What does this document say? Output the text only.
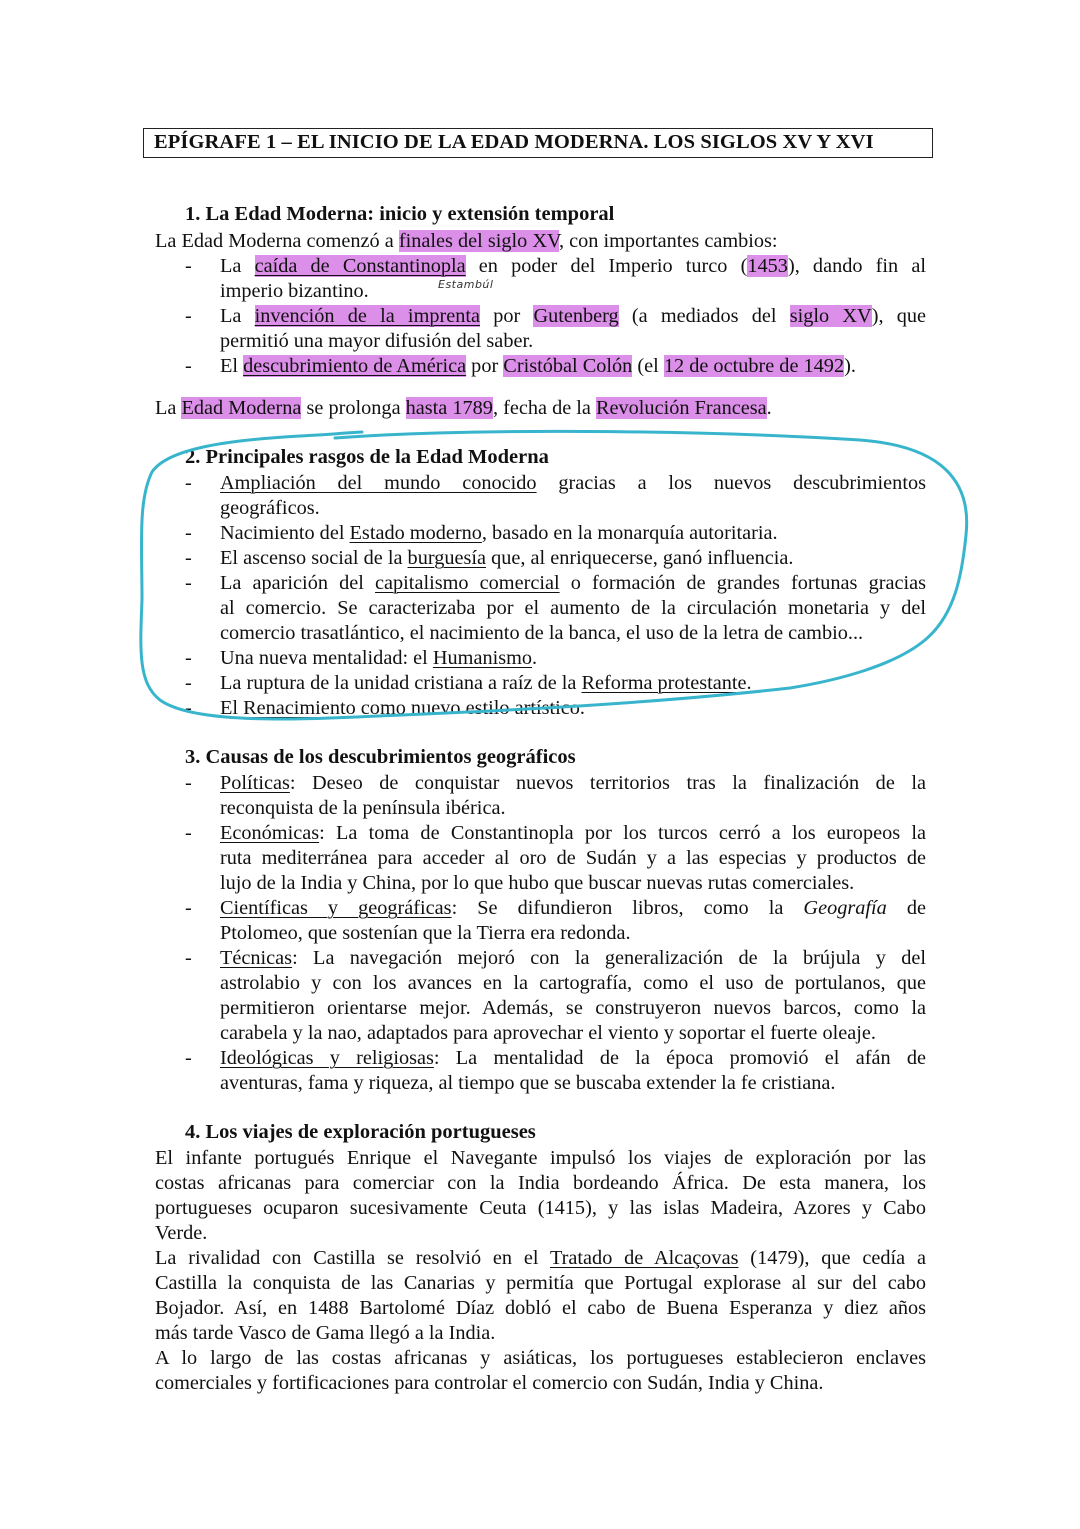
EPÍGRAFE 1 – EL INICIO DE LA EDAD MODERNA. LOS SIGLOS XV Y XVI
1. La Edad Moderna: inicio y extensión temporal
La Edad Moderna comenzó a finales del siglo XV, con importantes cambios:
- La caída de Constantinopla en poder del Imperio turco (1453), dando fin al
imperio bizantino.	Estambúl
- La invención de la imprenta por Gutenberg (a mediados del siglo XV), que
permitió una mayor difusión del saber.
- El descubrimiento de América por Cristóbal Colón (el 12 de octubre de 1492).
La Edad Moderna se prolonga hasta 1789, fecha de la Revolución Francesa.
2. Principales rasgos de la Edad Moderna
- Ampliación del mundo conocido gracias a los nuevos descubrimientos
geográficos.
- Nacimiento del Estado moderno, basado en la monarquía autoritaria.
- El ascenso social de la burguesía que, al enriquecerse, ganó influencia.
- La aparición del capitalismo comercial o formación de grandes fortunas gracias
al comercio. Se caracterizaba por el aumento de la circulación monetaria y del
comercio trasatlántico, el nacimiento de la banca, el uso de la letra de cambio...
- Una nueva mentalidad: el Humanismo.
- La ruptura de la unidad cristiana a raíz de la Reforma protestante.
- El Renacimiento como nuevo estilo artístico.
3. Causas de los descubrimientos geográficos
- Políticas: Deseo de conquistar nuevos territorios tras la finalización de la
reconquista de la península ibérica.
- Económicas: La toma de Constantinopla por los turcos cerró a los europeos la
ruta mediterránea para acceder al oro de Sudán y a las especias y productos de
lujo de la India y China, por lo que hubo que buscar nuevas rutas comerciales.
- Científicas y geográficas: Se difundieron libros, como la Geografía de
Ptolomeo, que sostenían que la Tierra era redonda.
- Técnicas: La navegación mejoró con la generalización de la brújula y del
astrolabio y con los avances en la cartografía, como el uso de portulanos, que
permitieron orientarse mejor. Además, se construyeron nuevos barcos, como la
carabela y la nao, adaptados para aprovechar el viento y soportar el fuerte oleaje.
- Ideológicas y religiosas: La mentalidad de la época promovió el afán de
aventuras, fama y riqueza, al tiempo que se buscaba extender la fe cristiana.
4. Los viajes de exploración portugueses
El infante portugués Enrique el Navegante impulsó los viajes de exploración por las
costas africanas para comerciar con la India bordeando África. De esta manera, los
portugueses ocuparon sucesivamente Ceuta (1415), y las islas Madeira, Azores y Cabo
Verde.
La rivalidad con Castilla se resolvió en el Tratado de Alcaçovas (1479), que cedía a
Castilla la conquista de las Canarias y permitía que Portugal explorase al sur del cabo
Bojador. Así, en 1488 Bartolomé Díaz dobló el cabo de Buena Esperanza y diez años
más tarde Vasco de Gama llegó a la India.
A lo largo de las costas africanas y asiáticas, los portugueses establecieron enclaves
comerciales y fortificaciones para controlar el comercio con Sudán, India y China.
